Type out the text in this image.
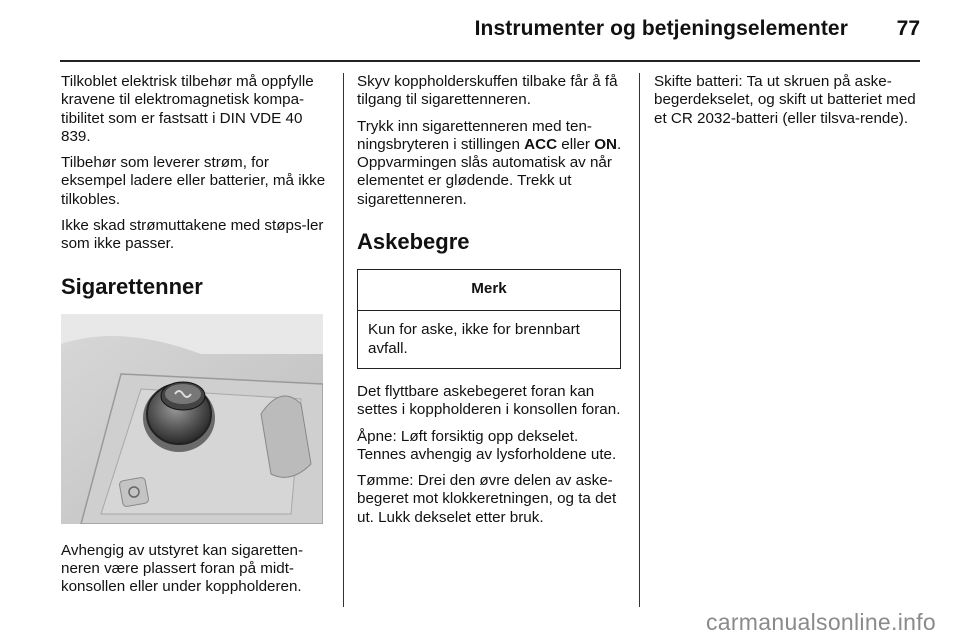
Instrumenter og betjeningselementer 77

Tilkoblet elektrisk tilbehør må oppfylle kravene til elektromagnetisk kompa-tibilitet som er fastsatt i DIN VDE 40 839.

Tilbehør som leverer strøm, for eksempel ladere eller batterier, må ikke tilkobles.

Ikke skad strømuttakene med støps-ler som ikke passer.

Sigarettenner

Avhengig av utstyret kan sigaretten-neren være plassert foran på midt-konsollen eller under koppholderen.

Skyv koppholderskuffen tilbake får å få tilgang til sigarettenneren.

Trykk inn sigarettenneren med ten-ningsbryteren i stillingen ACC eller ON. Oppvarmingen slås automatisk av når elementet er glødende. Trekk ut sigarettenneren.

Askebegre
Merk
Kun for aske, ikke for brennbart avfall.

Det flyttbare askebegeret foran kan settes i koppholderen i konsollen foran.

Åpne: Løft forsiktig opp dekselet. Tennes avhengig av lysforholdene ute.

Tømme: Drei den øvre delen av aske-begeret mot klokkeretningen, og ta det ut. Lukk dekselet etter bruk.

Skifte batteri: Ta ut skruen på aske-begerdekselet, og skift ut batteriet med et CR 2032-batteri (eller tilsva-rende).

carmanualsonline.info
